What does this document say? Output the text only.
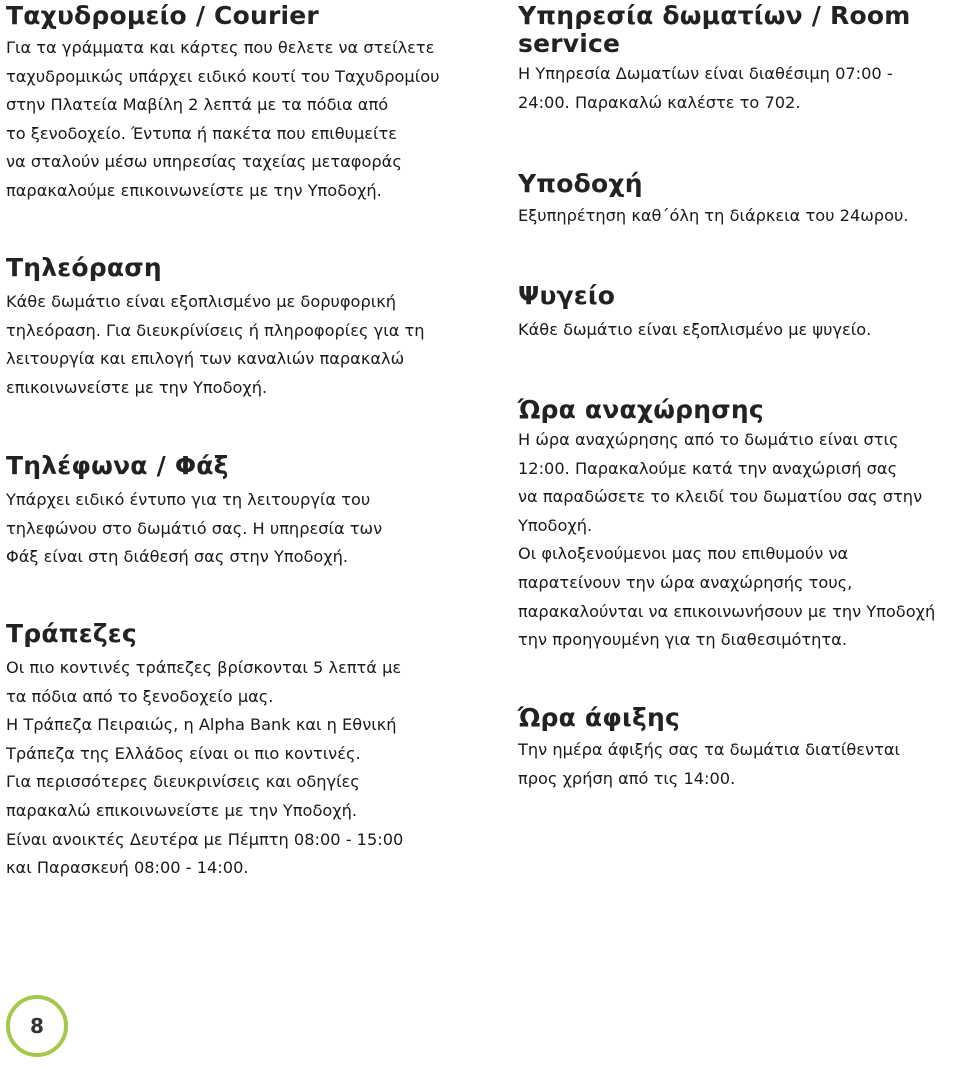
Ταχυδρομείο / Courier
Για τα γράμματα και κάρτες που θελετε να στείλετε
ταχυδρομικώς υπάρχει ειδικό κουτί του Ταχυδρομίου
στην Πλατεία Μαβίλη 2 λεπτά με τα πόδια από
το ξενοδοχείο. Έντυπα ή πακέτα που επιθυμείτε
να σταλούν μέσω υπηρεσίας ταχείας μεταφοράς
παρακαλούμε επικοινωνείστε με την Υποδοχή.
Τηλεόραση
Κάθε δωμάτιο είναι εξοπλισμένο με δορυφορική
τηλεόραση. Για διευκρίνίσεις ή πληροφορίες για τη
λειτουργία και επιλογή των καναλιών παρακαλώ
επικοινωνείστε με την Υποδοχή.
Τηλέφωνα / Φάξ
Υπάρχει ειδικό έντυπο για τη λειτουργία του
τηλεφώνου στο δωμάτιό σας. Η υπηρεσία των
Φάξ είναι στη διάθεσή σας στην Υποδοχή.
Τράπεζες
Οι πιο κοντινές τράπεζες βρίσκονται 5 λεπτά με
τα πόδια από το ξενοδοχείο μας.
Η Τράπεζα Πειραιώς, η Alpha Bank και η Εθνική
Τράπεζα της Ελλάδος είναι οι πιο κοντινές.
Για περισσότερες διευκρινίσεις και οδηγίες
παρακαλώ επικοινωνείστε με την Υποδοχή.
Είναι ανοικτές Δευτέρα με Πέμπτη 08:00 - 15:00
και Παρασκευή 08:00 - 14:00.
Υπηρεσία δωματίων / Room
service
Η Υπηρεσία Δωματίων είναι διαθέσιμη 07:00 -
24:00. Παρακαλώ καλέστε το 702.
Υποδοχή
Εξυπηρέτηση καθ΄όλη τη διάρκεια του 24ωρου.
Ψυγείο
Κάθε δωμάτιο είναι εξοπλισμένο με ψυγείο.
Ώρα αναχώρησης
Η ώρα αναχώρησης από το δωμάτιο είναι στις
12:00. Παρακαλούμε κατά την αναχώρισή σας
να παραδώσετε το κλειδί του δωματίου σας στην
Υποδοχή.
Οι φιλοξενούμενοι μας που επιθυμούν να
παρατείνουν την ώρα αναχώρησής τους,
παρακαλούνται να επικοινωνήσουν με την Υποδοχή
την προηγουμένη για τη διαθεσιμότητα.
Ώρα άφιξης
Την ημέρα άφιξής σας τα δωμάτια διατίθενται
προς χρήση από τις 14:00.
8
